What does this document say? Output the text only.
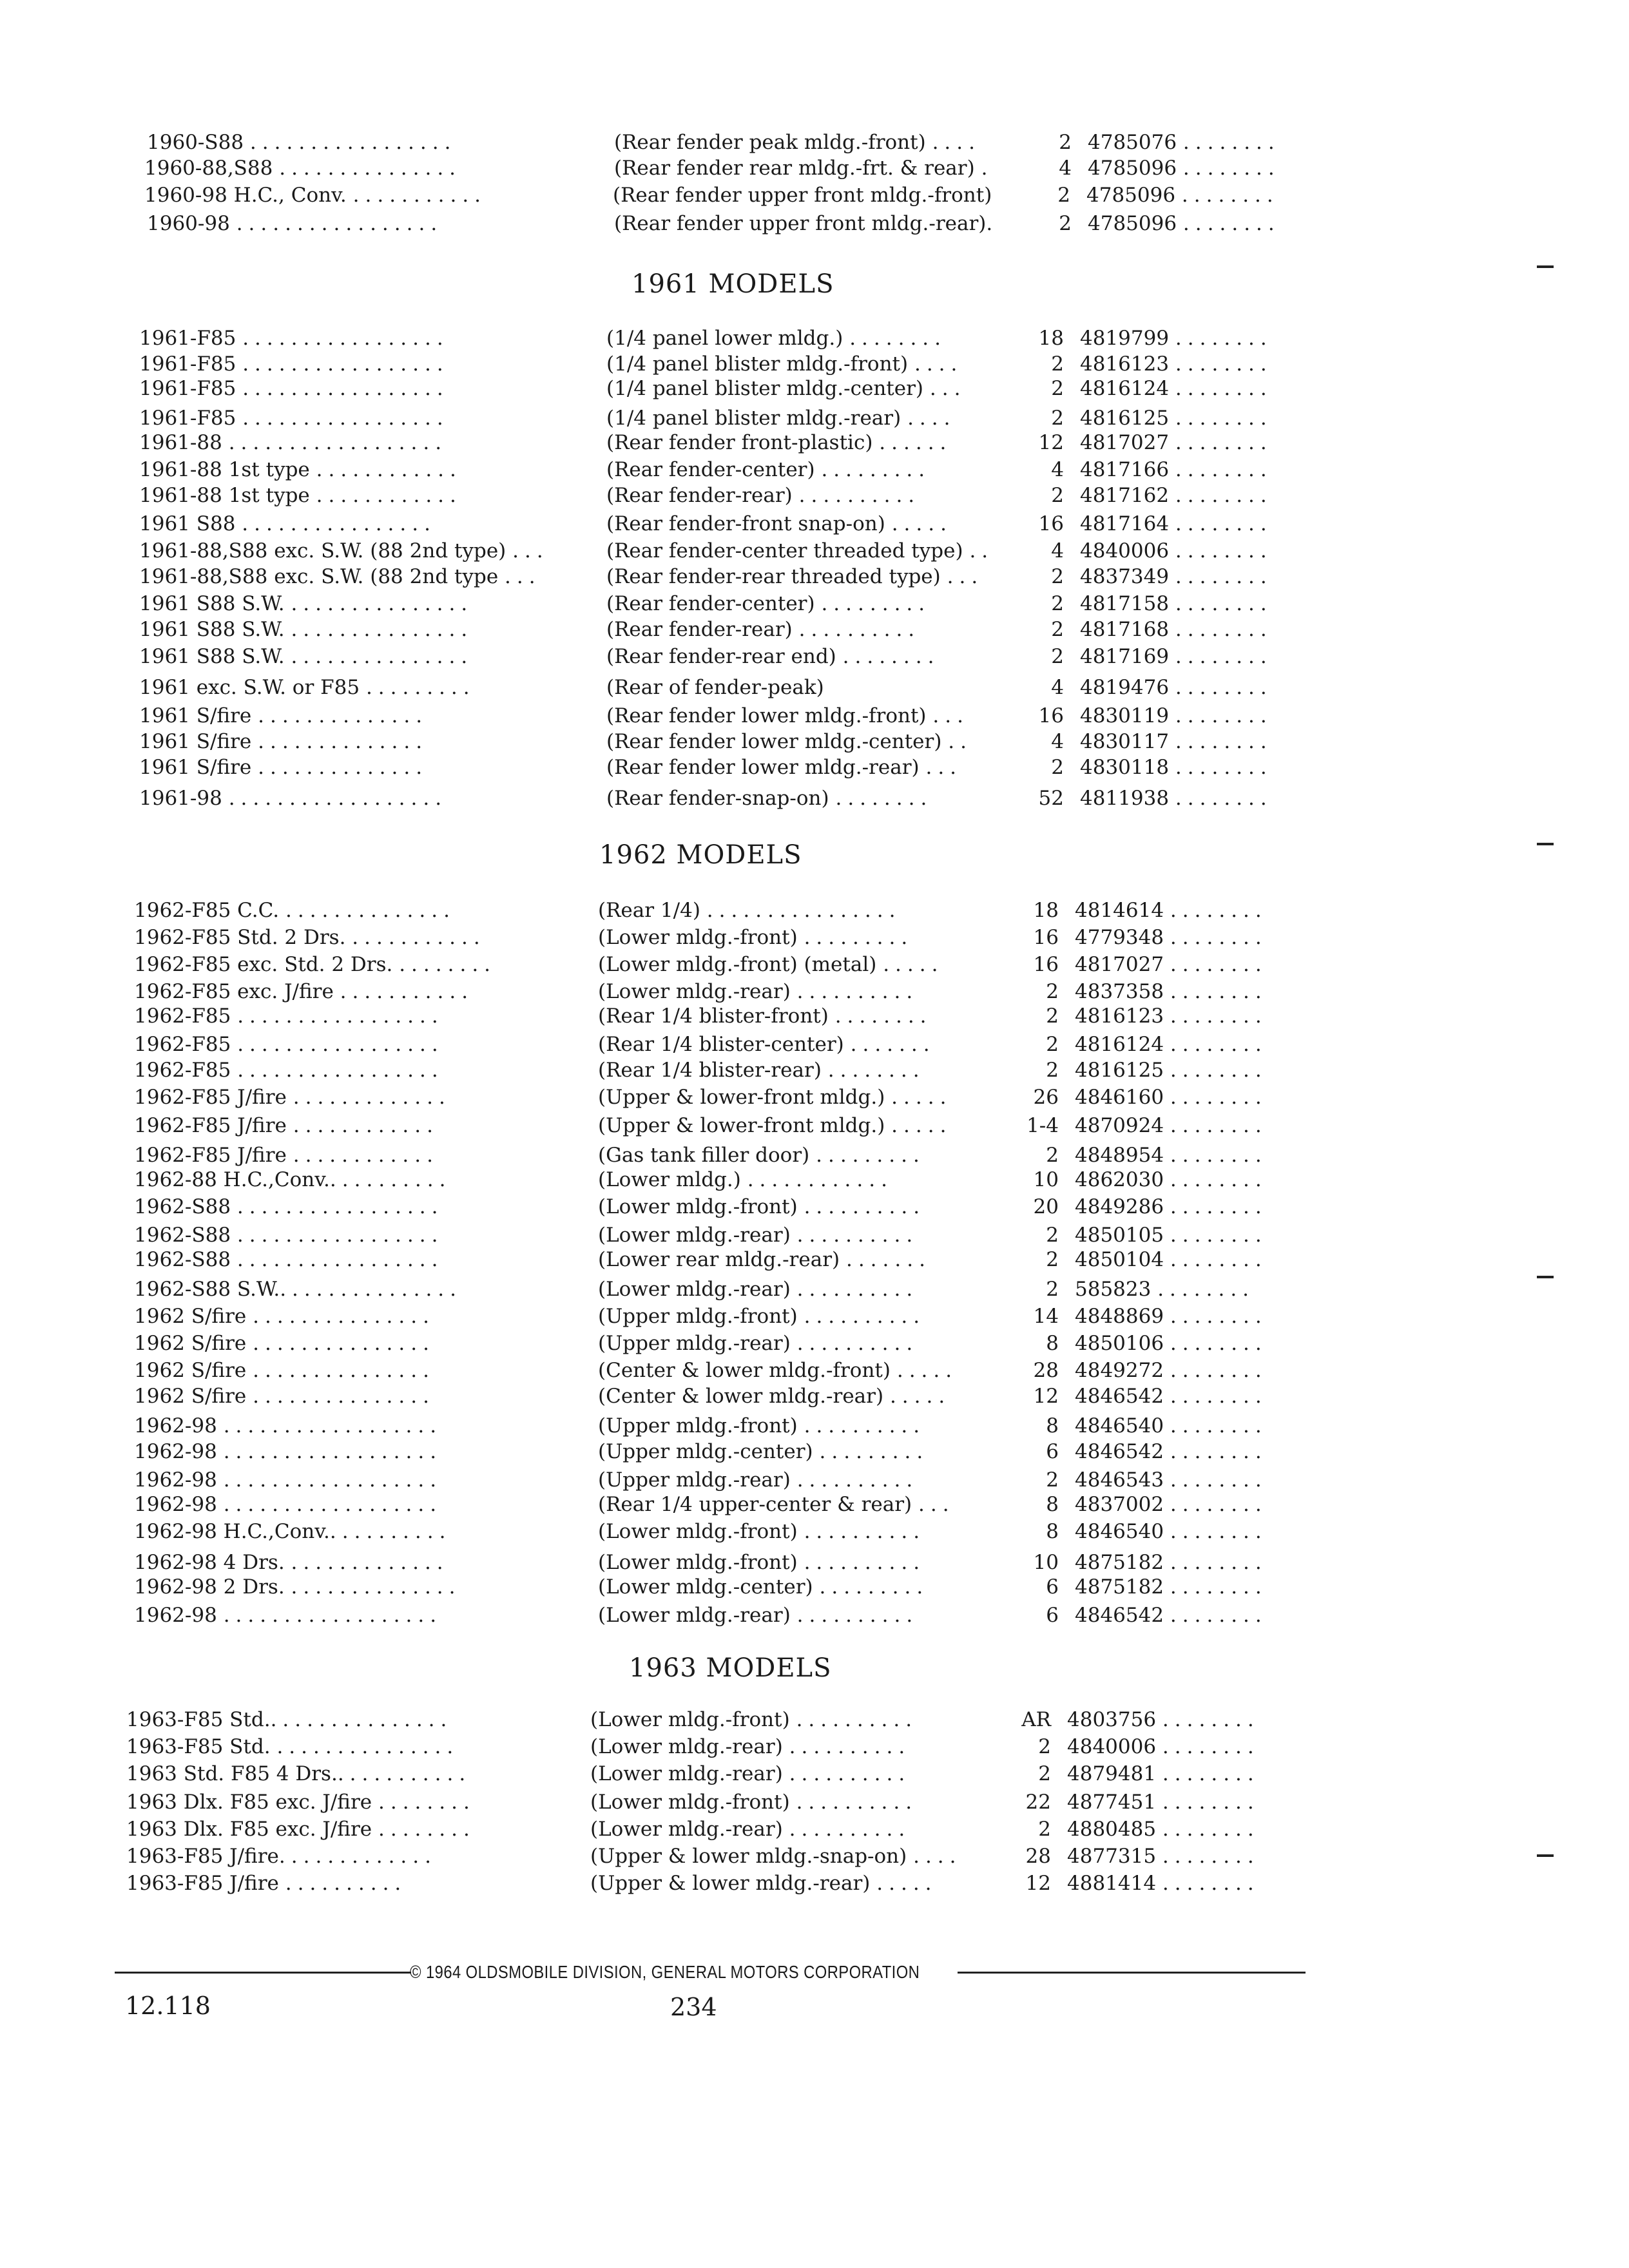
1960-S88 .................	(Rear fender peak mldg.-front) ....	2 4785076 ........
1960-88,S88 ...............	(Rear fender rear mldg.-frt. & rear) .	4 4785096 ........
1960-98 H.C., Conv. ...........	(Rear fender upper front mldg.-front)	2 4785096 ........
1960-98 .................	(Rear fender upper front mldg.-rear).	2 4785096 ........
1961 MODELS
1961-F85 .................	(1/4 panel lower mldg.) ........	18 4819799 ........
1961-F85 .................	(1/4 panel blister mldg.-front) ....	2 4816123 ........
1961-F85 .................	(1/4 panel blister mldg.-center) ...	2 4816124 ........
1961-F85 .................	(1/4 panel blister mldg.-rear) ....	2 4816125 ........
1961-88 ..................	(Rear fender front-plastic) ......	12 4817027 ........
1961-88 1st type ............	(Rear fender-center) .........	4 4817166 ........
1961-88 1st type ............	(Rear fender-rear) ..........	2 4817162 ........
1961 S88 ................	(Rear fender-front snap-on) .....	16 4817164 ........
1961-88,S88 exc. S.W. (88 2nd type) ...	(Rear fender-center threaded type) ..	4 4840006 ........
1961-88,S88 exc. S.W. (88 2nd type ...	(Rear fender-rear threaded type) ...	2 4837349 ........
1961 S88 S.W. ...............	(Rear fender-center) .........	2 4817158 ........
1961 S88 S.W. ...............	(Rear fender-rear) ..........	2 4817168 ........
1961 S88 S.W. ...............	(Rear fender-rear end) ........	2 4817169 ........
1961 exc. S.W. or F85 .........	(Rear of fender-peak)	4 4819476 ........
1961 S/fire ..............	(Rear fender lower mldg.-front) ...	16 4830119 ........
1961 S/fire ..............	(Rear fender lower mldg.-center) ..	4 4830117 ........
1961 S/fire ..............	(Rear fender lower mldg.-rear) ...	2 4830118 ........
1961-98 ..................	(Rear fender-snap-on) ........	52 4811938 ........
1962 MODELS
1962-F85 C.C. ..............	(Rear 1/4) ................	18 4814614 ........
1962-F85 Std. 2 Drs. ...........	(Lower mldg.-front) .........	16 4779348 ........
1962-F85 exc. Std. 2 Drs. ........	(Lower mldg.-front) (metal) .....	16 4817027 ........
1962-F85 exc. J/fire ...........	(Lower mldg.-rear) ..........	2 4837358 ........
1962-F85 .................	(Rear 1/4 blister-front) ........	2 4816123 ........
1962-F85 .................	(Rear 1/4 blister-center) .......	2 4816124 ........
1962-F85 .................	(Rear 1/4 blister-rear) ........	2 4816125 ........
1962-F85 J/fire .............	(Upper & lower-front mldg.) .....	26 4846160 ........
1962-F85 J/fire ............	(Upper & lower-front mldg.) .....	1-4 4870924 ........
1962-F85 J/fire ............	(Gas tank filler door) .........	2 4848954 ........
1962-88 H.C.,Conv...........	(Lower mldg.) ............	10 4862030 ........
1962-S88 .................	(Lower mldg.-front) ..........	20 4849286 ........
1962-S88 .................	(Lower mldg.-rear) ..........	2 4850105 ........
1962-S88 .................	(Lower rear mldg.-rear) .......	2 4850104 ........
1962-S88 S.W................	(Lower mldg.-rear) ..........	2 585823 ........
1962 S/fire ...............	(Upper mldg.-front) ..........	14 4848869 ........
1962 S/fire ...............	(Upper mldg.-rear) ..........	8 4850106 ........
1962 S/fire ...............	(Center & lower mldg.-front) .....	28 4849272 ........
1962 S/fire ...............	(Center & lower mldg.-rear) .....	12 4846542 ........
1962-98 ..................	(Upper mldg.-front) ..........	8 4846540 ........
1962-98 ..................	(Upper mldg.-center) .........	6 4846542 ........
1962-98 ..................	(Upper mldg.-rear) ..........	2 4846543 ........
1962-98 ..................	(Rear 1/4 upper-center & rear) ...	8 4837002 ........
1962-98 H.C.,Conv...........	(Lower mldg.-front) ..........	8 4846540 ........
1962-98 4 Drs. .............	(Lower mldg.-front) ..........	10 4875182 ........
1962-98 2 Drs. ..............	(Lower mldg.-center) .........	6 4875182 ........
1962-98 ..................	(Lower mldg.-rear) ..........	6 4846542 ........
1963 MODELS
1963-F85 Std................	(Lower mldg.-front) ..........	AR 4803756 ........
1963-F85 Std. ...............	(Lower mldg.-rear) ..........	2 4840006 ........
1963 Std. F85 4 Drs............	(Lower mldg.-rear) ..........	2 4879481 ........
1963 Dlx. F85 exc. J/fire ........	(Lower mldg.-front) ..........	22 4877451 ........
1963 Dlx. F85 exc. J/fire ........	(Lower mldg.-rear) ..........	2 4880485 ........
1963-F85 J/fire.............	(Upper & lower mldg.-snap-on) ....	28 4877315 ........
1963-F85 J/fire ..........	(Upper & lower mldg.-rear) .....	12 4881414 ........
© 1964 OLDSMOBILE DIVISION, GENERAL MOTORS CORPORATION
12.118	234
